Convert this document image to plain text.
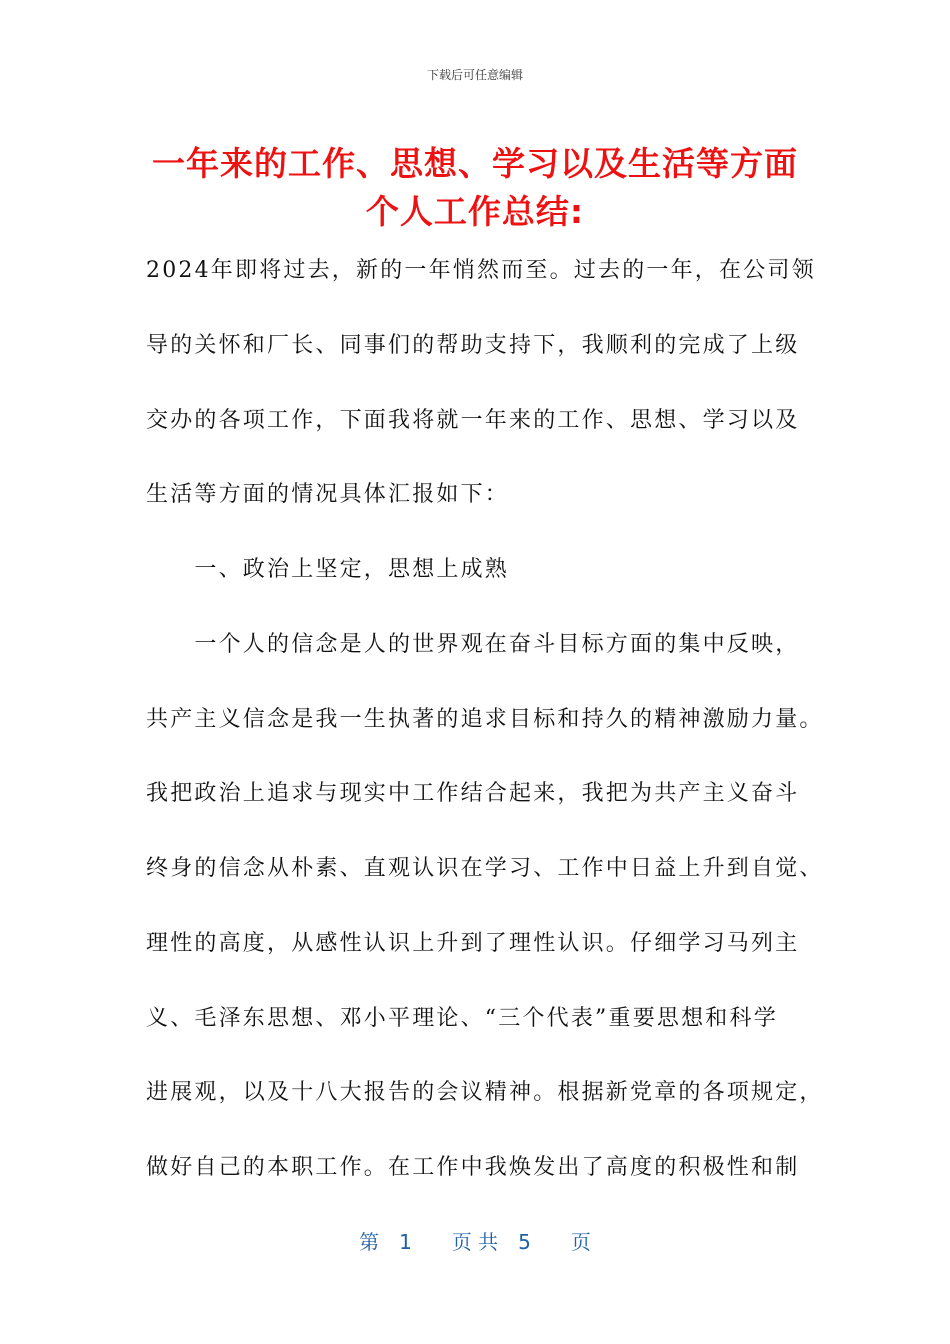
下载后可任意编辑
一年来的工作、思想、学习以及生活等方面
个人工作总结:
2024年即将过去，新的一年悄然而至。过去的一年，在公司领
导的关怀和厂长、同事们的帮助支持下，我顺利的完成了上级
交办的各项工作，下面我将就一年来的工作、思想、学习以及
生活等方面的情况具体汇报如下：
　　一、政治上坚定，思想上成熟
　　一个人的信念是人的世界观在奋斗目标方面的集中反映，
共产主义信念是我一生执著的追求目标和持久的精神激励力量。
我把政治上追求与现实中工作结合起来，我把为共产主义奋斗
终身的信念从朴素、直观认识在学习、工作中日益上升到自觉、
理性的高度，从感性认识上升到了理性认识。仔细学习马列主
义、毛泽东思想、邓小平理论、“三个代表”重要思想和科学
进展观，以及十八大报告的会议精神。根据新党章的各项规定，
做好自己的本职工作。在工作中我焕发出了高度的积极性和制
第　1　　页 共　5　　页
